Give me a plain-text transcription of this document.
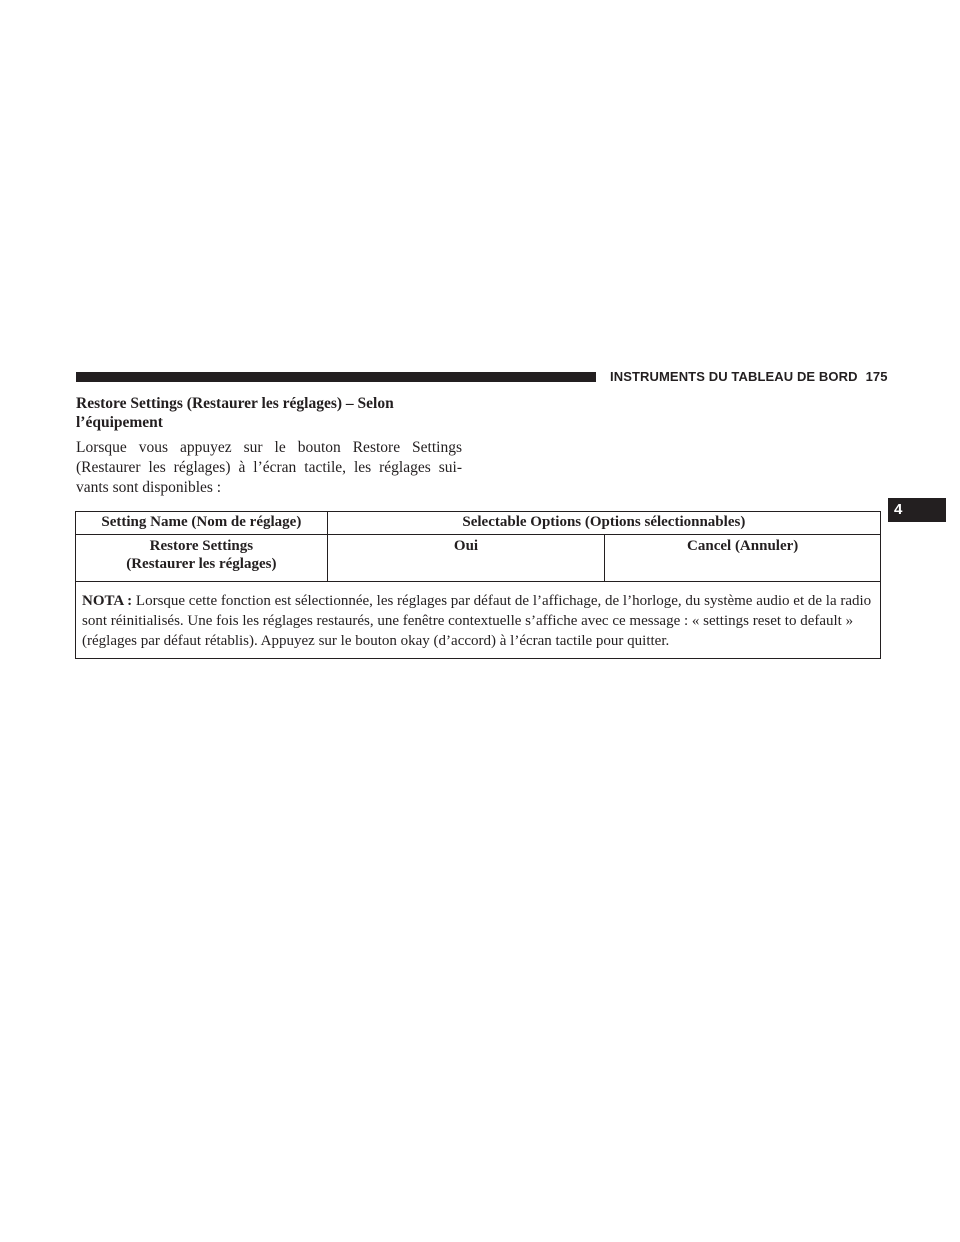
INSTRUMENTS DU TABLEAU DE BORD 175
Restore Settings (Restaurer les réglages) – Selon l’équipement
Lorsque vous appuyez sur le bouton Restore Settings (Restaurer les réglages) à l’écran tactile, les réglages sui-vants sont disponibles :
4
Setting Name (Nom de réglage)	Selectable Options (Options sélectionnables)	

Restore Settings
(Restaurer les réglages)	Oui	Cancel (Annuler)
NOTA : Lorsque cette fonction est sélectionnée, les réglages par défaut de l’affichage, de l’horloge, du système audio et de la radio sont réinitialisés. Une fois les réglages restaurés, une fenêtre contextuelle s’affiche avec ce message : « settings reset to default » (réglages par défaut rétablis). Appuyez sur le bouton okay (d’accord) à l’écran tactile pour quitter.		
